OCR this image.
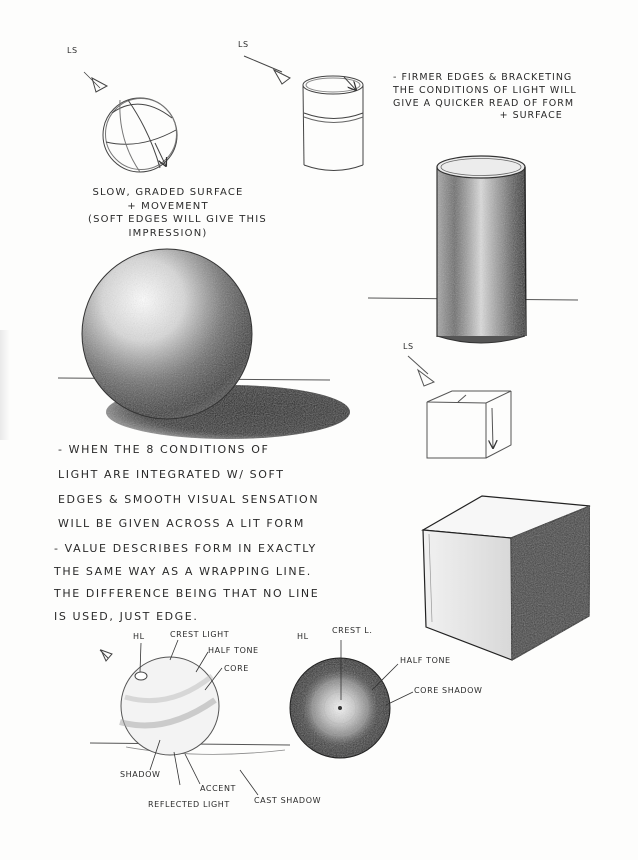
LS

LS

LS

SLOW, GRADED SURFACE
+ MOVEMENT
(SOFT EDGES WILL GIVE THIS
IMPRESSION)
- FIRMER EDGES & BRACKETING
THE CONDITIONS OF LIGHT WILL
GIVE A QUICKER READ OF FORM
+ SURFACE
- WHEN THE 8 CONDITIONS OF
LIGHT ARE INTEGRATED W/ SOFT
EDGES & SMOOTH VISUAL SENSATION
WILL BE GIVEN ACROSS A LIT FORM
- VALUE DESCRIBES FORM IN EXACTLY
THE SAME WAY AS A WRAPPING LINE.
THE DIFFERENCE BEING THAT NO LINE
IS USED, JUST EDGE.

HL	CREST LIGHT

HALF TONE

CORE

SHADOW

ACCENT

REFLECTED LIGHT	CAST SHADOW

HL

CREST L.

HALF TONE

CORE SHADOW
